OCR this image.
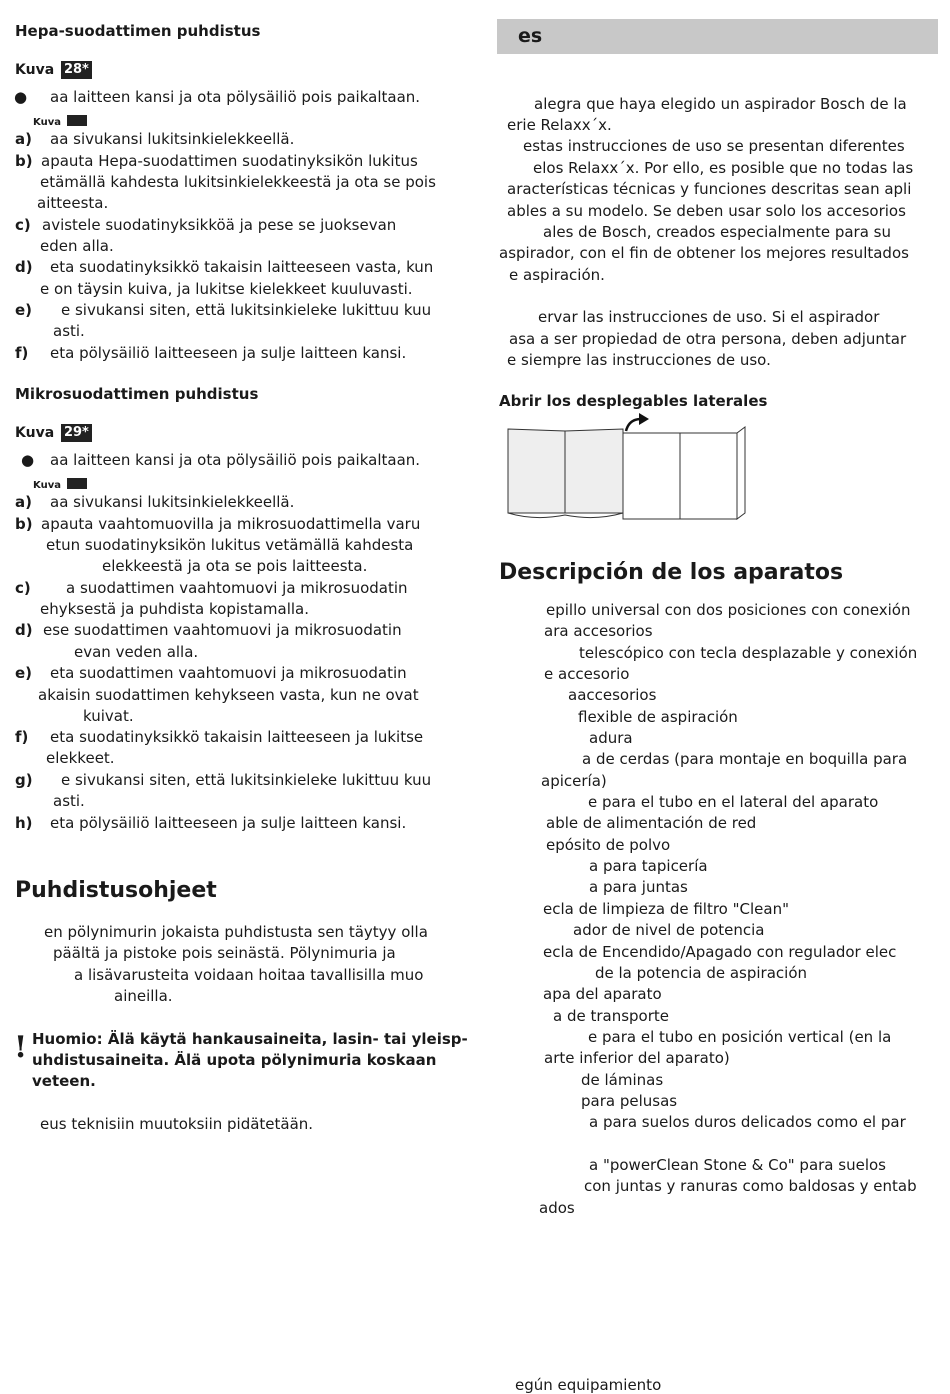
Hepa-suodattimen puhdistus
Kuva 28*
● aa laitteen kansi ja ota pölysäiliö pois paikaltaan.
Kuva
a) aa sivukansi lukitsinkielekkeellä.
b) apauta Hepa-suodattimen suodatinyksikön lukitus
etämällä kahdesta lukitsinkielekkeestä ja ota se pois
aitteesta.
c) avistele suodatinyksikköä ja pese se juoksevan
eden alla.
d) eta suodatinyksikkö takaisin laitteeseen vasta, kun
e on täysin kuiva, ja lukitse kielekkeet kuuluvasti.
e) e sivukansi siten, että lukitsinkieleke lukittuu kuu
asti.
f) eta pölysäiliö laitteeseen ja sulje laitteen kansi.
Mikrosuodattimen puhdistus
Kuva 29*
● aa laitteen kansi ja ota pölysäiliö pois paikaltaan.
Kuva
a) aa sivukansi lukitsinkielekkeellä.
b) apauta vaahtomuovilla ja mikrosuodattimella varu
etun suodatinyksikön lukitus vetämällä kahdesta
elekkeestä ja ota se pois laitteesta.
c) a suodattimen vaahtomuovi ja mikrosuodatin
ehyksestä ja puhdista kopistamalla.
d) ese suodattimen vaahtomuovi ja mikrosuodatin
evan veden alla.
e) eta suodattimen vaahtomuovi ja mikrosuodatin
akaisin suodattimen kehykseen vasta, kun ne ovat
kuivat.
f) eta suodatinyksikkö takaisin laitteeseen ja lukitse
elekkeet.
g) e sivukansi siten, että lukitsinkieleke lukittuu kuu
asti.
h) eta pölysäiliö laitteeseen ja sulje laitteen kansi.
Puhdistusohjeet
en pölynimurin jokaista puhdistusta sen täytyy olla
päältä ja pistoke pois seinästä. Pölynimuria ja
a lisävarusteita voidaan hoitaa tavallisilla muo
aineilla.
! Huomio: Älä käytä hankausaineita, lasin- tai yleisp-
uhdistusaineita. Älä upota pölynimuria koskaan
veteen.
eus teknisiin muutoksiin pidätetään.
es
alegra que haya elegido un aspirador Bosch de la
erie Relaxx´x.
estas instrucciones de uso se presentan diferentes
elos Relaxx´x. Por ello, es posible que no todas las
aracterísticas técnicas y funciones descritas sean apli
ables a su modelo. Se deben usar solo los accesorios
ales de Bosch, creados especialmente para su
aspirador, con el fin de obtener los mejores resultados
e aspiración.
ervar las instrucciones de uso. Si el aspirador
asa a ser propiedad de otra persona, deben adjuntar
e siempre las instrucciones de uso.
Abrir los desplegables laterales
Descripción de los aparatos
epillo universal con dos posiciones con conexión
ara accesorios
telescópico con tecla desplazable y conexión
e accesorio
aaccesorios
flexible de aspiración
adura
a de cerdas (para montaje en boquilla para
apicería)
e para el tubo en el lateral del aparato
able de alimentación de red
epósito de polvo
a para tapicería
a para juntas
ecla de limpieza de filtro "Clean"
ador de nivel de potencia
ecla de Encendido/Apagado con regulador elec
de la potencia de aspiración
apa del aparato
a de transporte
e para el tubo en posición vertical (en la
arte inferior del aparato)
de láminas
para pelusas
a para suelos duros delicados como el par
a "powerClean Stone & Co" para suelos
con juntas y ranuras como baldosas y entab
ados
egún equipamiento
